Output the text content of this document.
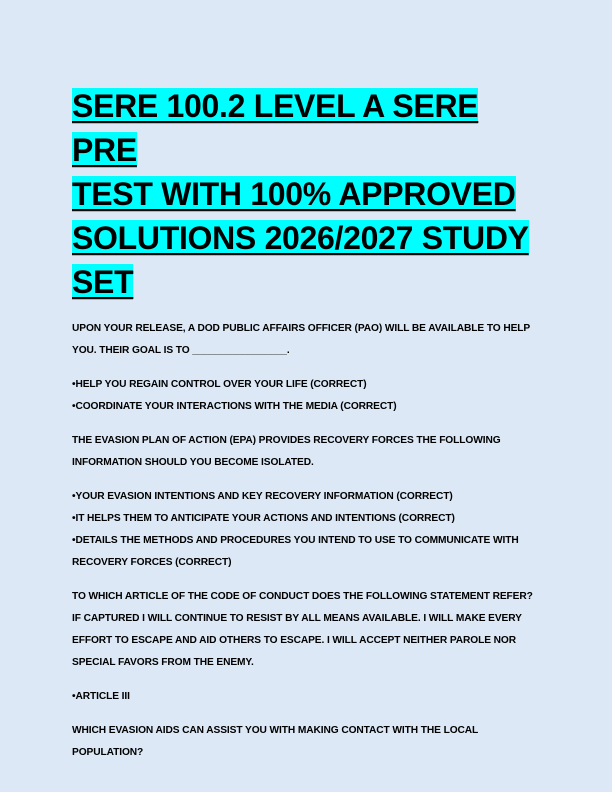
SERE 100.2 LEVEL A SERE PRE
TEST WITH 100% APPROVED
SOLUTIONS 2026/2027 STUDY
SET

UPON YOUR RELEASE, A DOD PUBLIC AFFAIRS OFFICER (PAO) WILL BE AVAILABLE TO HELP YOU. THEIR GOAL IS TO _________________.

•HELP YOU REGAIN CONTROL OVER YOUR LIFE (CORRECT)
•COORDINATE YOUR INTERACTIONS WITH THE MEDIA (CORRECT)

THE EVASION PLAN OF ACTION (EPA) PROVIDES RECOVERY FORCES THE FOLLOWING INFORMATION SHOULD YOU BECOME ISOLATED.

•YOUR EVASION INTENTIONS AND KEY RECOVERY INFORMATION (CORRECT)
•IT HELPS THEM TO ANTICIPATE YOUR ACTIONS AND INTENTIONS (CORRECT)
•DETAILS THE METHODS AND PROCEDURES YOU INTEND TO USE TO COMMUNICATE WITH RECOVERY FORCES (CORRECT)

TO WHICH ARTICLE OF THE CODE OF CONDUCT DOES THE FOLLOWING STATEMENT REFER? IF CAPTURED I WILL CONTINUE TO RESIST BY ALL MEANS AVAILABLE. I WILL MAKE EVERY EFFORT TO ESCAPE AND AID OTHERS TO ESCAPE. I WILL ACCEPT NEITHER PAROLE NOR SPECIAL FAVORS FROM THE ENEMY.

•ARTICLE III

WHICH EVASION AIDS CAN ASSIST YOU WITH MAKING CONTACT WITH THE LOCAL POPULATION?
